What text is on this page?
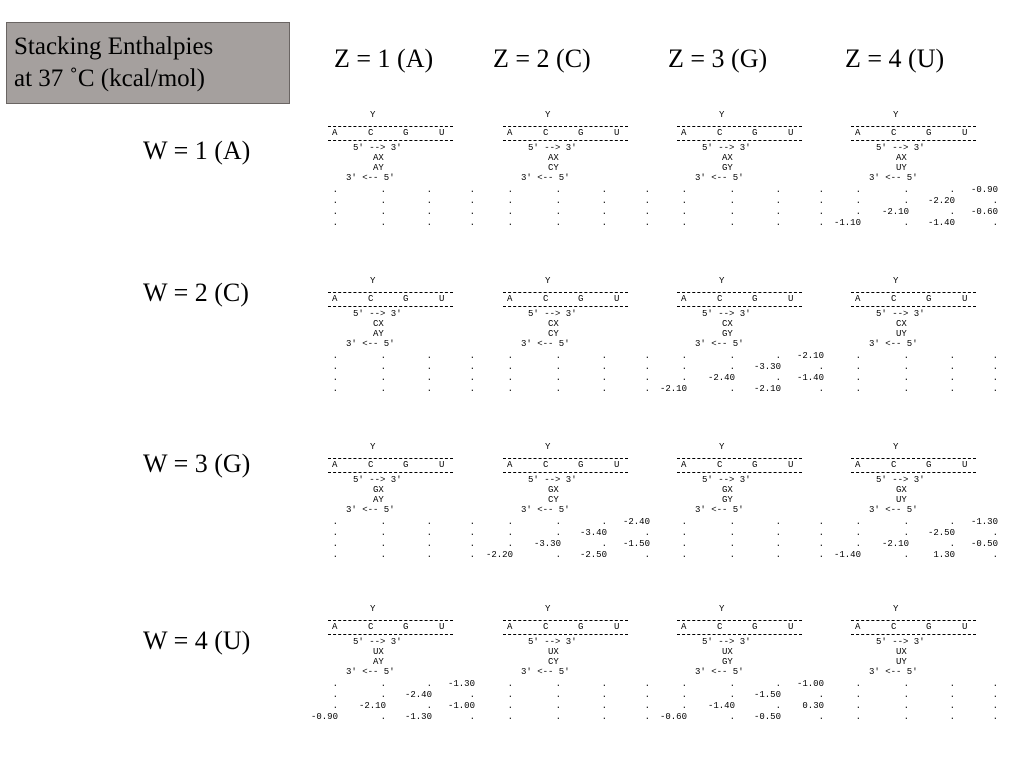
Stacking Enthalpies
at 37 ˚C (kcal/mol)
Z = 1 (A) Z = 2 (C)	Z = 3 (G)	Z = 4 (U)
W = 1 (A)
W = 2 (C)
W = 3 (G)
W = 4 (U)
Y
A	C	G	U
5' --> 3'
AX
AY
3' <-- 5'
.	.	.	.
.	.	.	.
.	.	.	.
.	.	.	.
Y
A	C	G	U
5' --> 3'
AX
CY
3' <-- 5'
.	.	.	.
.	.	.	.
.	.	.	.
.	.	.	.
Y
A	C	G	U
5' --> 3'
AX
GY
3' <-- 5'
.	.	.	.
.	.	.	.
.	.	.	.
.	.	.	.
Y
A	C	G	U
5' --> 3'
AX
UY
3' <-- 5'
.	.	. -0.90
.	. -2.20	.
. -2.10	. -0.60
-1.10	. -1.40	.
Y
A	C	G	U
5' --> 3'
CX
AY
3' <-- 5'
.	.	.	.
.	.	.	.
.	.	.	.
.	.	.	.
Y
A	C	G	U
5' --> 3'
CX
CY
3' <-- 5'
.	.	.	.
.	.	.	.
.	.	.	.
.	.	.	.
Y
A	C	G	U
5' --> 3'
CX
GY
3' <-- 5'
.	.	. -2.10
.	. -3.30	.
. -2.40	. -1.40
-2.10	. -2.10	.
Y
A	C	G	U
5' --> 3'
CX
UY
3' <-- 5'
.	.	.	.
.	.	.	.
.	.	.	.
.	.	.	.
Y
A	C	G	U
5' --> 3'
GX
AY
3' <-- 5'
.	.	.	.
.	.	.	.
.	.	.	.
.	.	.	.
Y
A	C	G	U
5' --> 3'
GX
CY
3' <-- 5'
.	.	. -2.40
.	. -3.40	.
. -3.30	. -1.50
-2.20	. -2.50	.
Y
A	C	G	U
5' --> 3'
GX
GY
3' <-- 5'
.	.	.	.
.	.	.	.
.	.	.	.
.	.	.	.
Y
A	C	G	U
5' --> 3'
GX
UY
3' <-- 5'
.	.	. -1.30
.	. -2.50	.
. -2.10	. -0.50
-1.40	.	1.30	.
Y
A	C	G	U
5' --> 3'
UX
AY
3' <-- 5'
.	.	. -1.30
.	. -2.40	.
. -2.10	. -1.00
-0.90	. -1.30	.
Y
A	C	G	U
5' --> 3'
UX
CY
3' <-- 5'
.	.	.	.
.	.	.	.
.	.	.	.
.	.	.	.
Y
A	C	G	U
5' --> 3'
UX
GY
3' <-- 5'
.	.	. -1.00
.	. -1.50	.
. -1.40	. 0.30
-0.60	. -0.50	.
Y
A	C	G	U
5' --> 3'
UX
UY
3' <-- 5'
.	.	.	.
.	.	.	.
.	.	.	.
.	.	.	.
